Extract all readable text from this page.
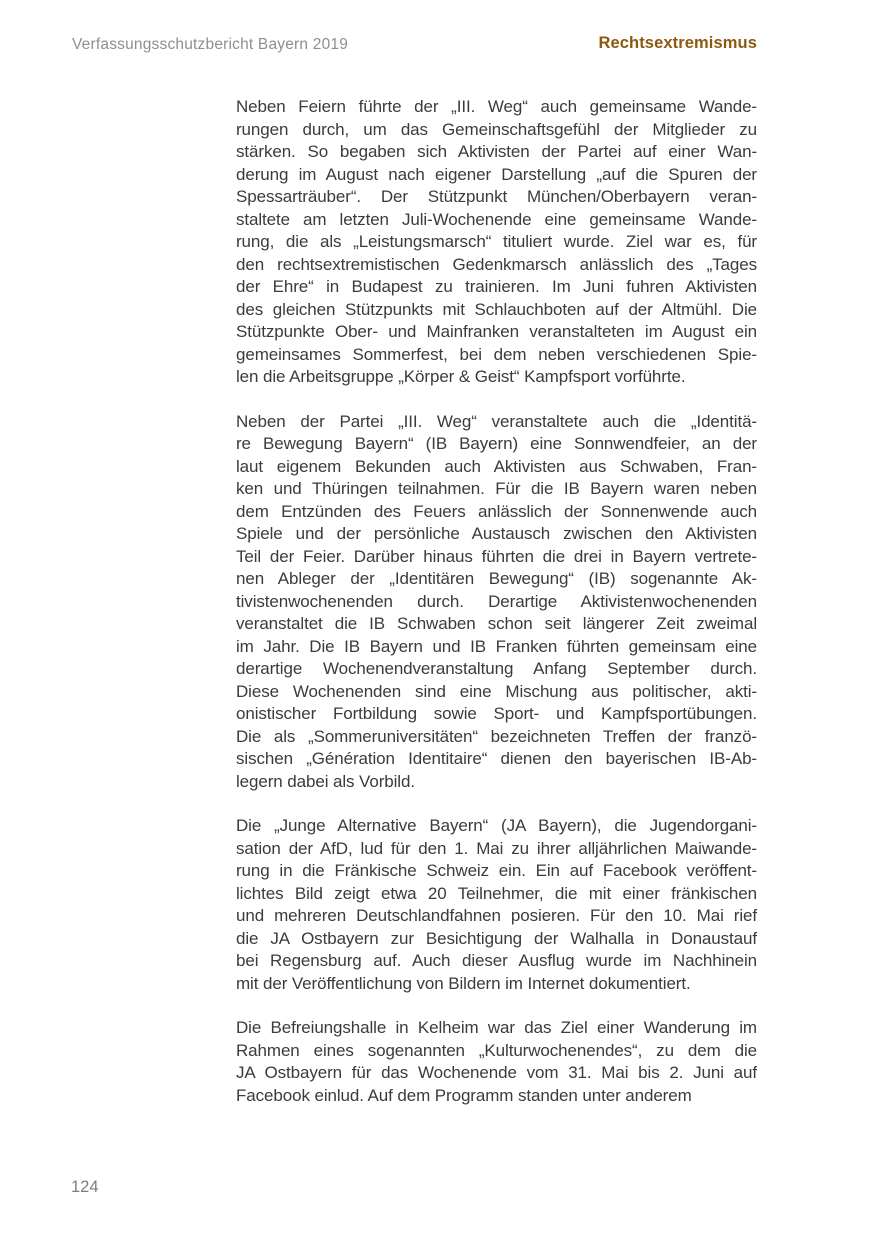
Verfassungsschutzbericht Bayern 2019	Rechtsextremismus
Neben Feiern führte der „III. Weg“ auch gemeinsame Wande-
rungen durch, um das Gemeinschaftsgefühl der Mitglieder zu
stärken. So begaben sich Aktivisten der Partei auf einer Wan-
derung im August nach eigener Darstellung „auf die Spuren der
Spessarträuber“. Der Stützpunkt München/Oberbayern veran-
staltete am letzten Juli-Wochenende eine gemeinsame Wande-
rung, die als „Leistungsmarsch“ tituliert wurde. Ziel war es, für
den rechtsextremistischen Gedenkmarsch anlässlich des „Tages
der Ehre“ in Budapest zu trainieren. Im Juni fuhren Aktivisten
des gleichen Stützpunkts mit Schlauchboten auf der Altmühl. Die
Stützpunkte Ober- und Mainfranken veranstalteten im August ein
gemeinsames Sommerfest, bei dem neben verschiedenen Spie-
len die Arbeitsgruppe „Körper & Geist“ Kampfsport vorführte.
Neben der Partei „III. Weg“ veranstaltete auch die „Identitä-
re Bewegung Bayern“ (IB Bayern) eine Sonnwendfeier, an der
laut eigenem Bekunden auch Aktivisten aus Schwaben, Fran-
ken und Thüringen teilnahmen. Für die IB Bayern waren neben
dem Entzünden des Feuers anlässlich der Sonnenwende auch
Spiele und der persönliche Austausch zwischen den Aktivisten
Teil der Feier. Darüber hinaus führten die drei in Bayern vertrete-
nen Ableger der „Identitären Bewegung“ (IB) sogenannte Ak-
tivistenwochenenden durch. Derartige Aktivistenwochenenden
veranstaltet die IB Schwaben schon seit längerer Zeit zweimal
im Jahr. Die IB Bayern und IB Franken führten gemeinsam eine
derartige Wochenendveranstaltung Anfang September durch.
Diese Wochenenden sind eine Mischung aus politischer, akti-
onistischer Fortbildung sowie Sport- und Kampfsportübungen.
Die als „Sommeruniversitäten“ bezeichneten Treffen der franzö-
sischen „Génération Identitaire“ dienen den bayerischen IB-Ab-
legern dabei als Vorbild.
Die „Junge Alternative Bayern“ (JA Bayern), die Jugendorgani-
sation der AfD, lud für den 1. Mai zu ihrer alljährlichen Maiwande-
rung in die Fränkische Schweiz ein. Ein auf Facebook veröffent-
lichtes Bild zeigt etwa 20 Teilnehmer, die mit einer fränkischen
und mehreren Deutschlandfahnen posieren. Für den 10. Mai rief
die JA Ostbayern zur Besichtigung der Walhalla in Donaustauf
bei Regensburg auf. Auch dieser Ausflug wurde im Nachhinein
mit der Veröffentlichung von Bildern im Internet dokumentiert.
Die Befreiungshalle in Kelheim war das Ziel einer Wanderung im
Rahmen eines sogenannten „Kulturwochenendes“, zu dem die
JA Ostbayern für das Wochenende vom 31. Mai bis 2. Juni auf
Facebook einlud. Auf dem Programm standen unter anderem
124
